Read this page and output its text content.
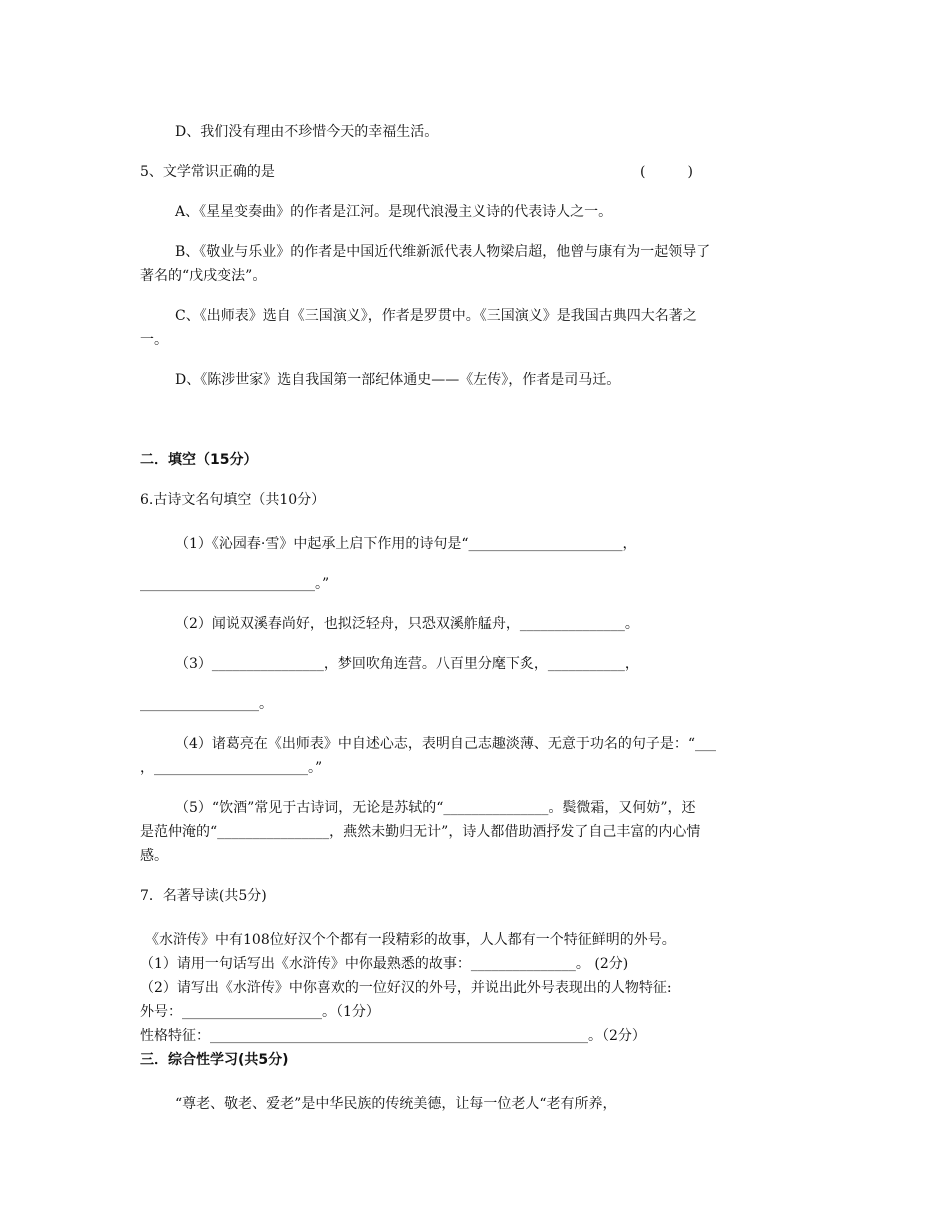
D、我们没有理由不珍惜今天的幸福生活。
5、文学常识正确的是	(　　　)
A、《星星变奏曲》的作者是江河。是现代浪漫主义诗的代表诗人之一。
B、《敬业与乐业》的作者是中国近代维新派代表人物梁启超，他曾与康有为一起领导了
著名的“戊戌变法”。
C、《出师表》选自《三国演义》，作者是罗贯中。《三国演义》是我国古典四大名著之
一。
D、《陈涉世家》选自我国第一部纪体通史——《左传》，作者是司马迁。
二．填空（15分）
6.古诗文名句填空（共10分）
（1）《沁园春·雪》中起承上启下作用的诗句是“______________________，
_________________________。”
（2）闻说双溪春尚好，也拟泛轻舟，只恐双溪舴艋舟，_______________。
（3）________________，梦回吹角连营。八百里分麾下炙，___________，
_________________。
（4）诸葛亮在《出师表》中自述心志，表明自己志趣淡薄、无意于功名的句子是：“___
，______________________。”
（5）“饮酒”常见于古诗词，无论是苏轼的“_______________。鬓微霜，又何妨”，还
是范仲淹的“________________，燕然未勤归无计”，诗人都借助酒抒发了自己丰富的内心情
感。
7．名著导读(共5分)
《水浒传》中有108位好汉个个都有一段精彩的故事，人人都有一个特征鲜明的外号。
（1）请用一句话写出《水浒传》中你最熟悉的故事：_______________。 (2分)
（2）请写出《水浒传》中你喜欢的一位好汉的外号，并说出此外号表现出的人物特征:
外号：____________________。（1分）
性格特征：______________________________________________________。（2分）
三．综合性学习(共5分)
“尊老、敬老、爱老”是中华民族的传统美德，让每一位老人“老有所养，
